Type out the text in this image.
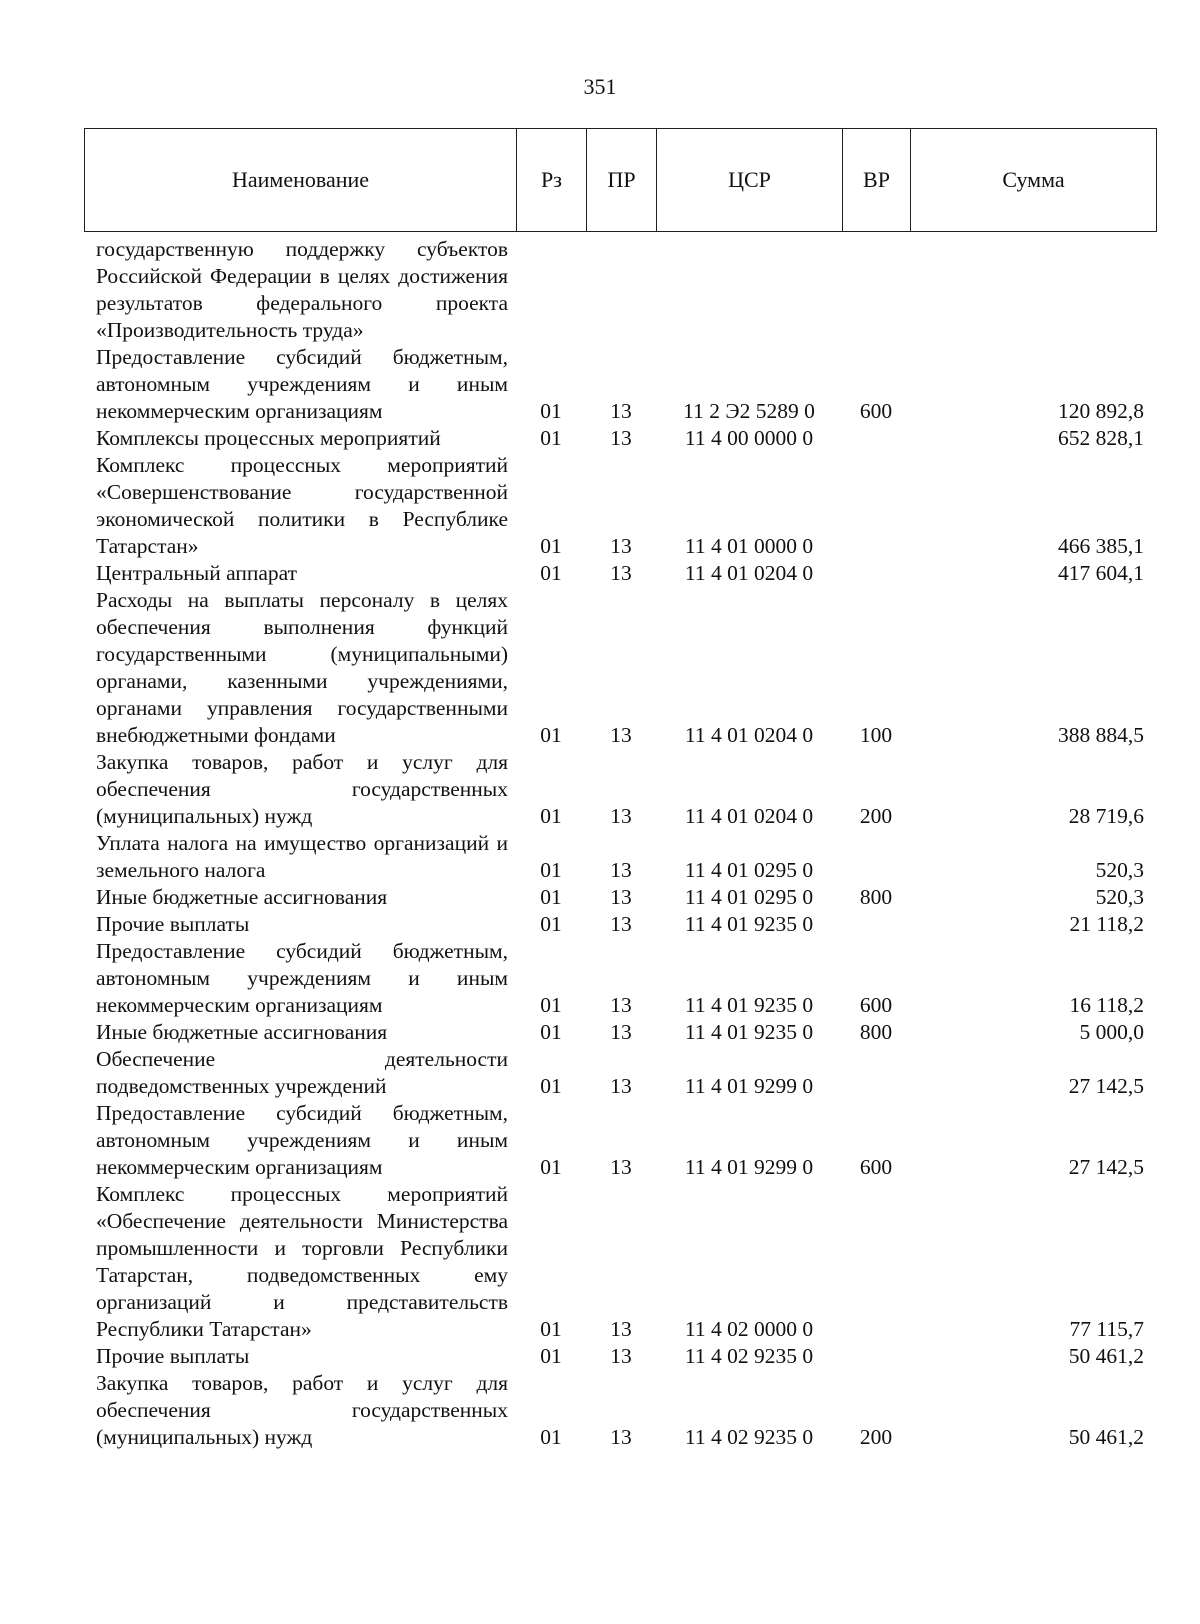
351
Наименование	Рз	ПР	ЦСР	ВР	Сумма
государственную поддержку субъектов Российской Федерации в целях достижения результатов федерального проекта «Производительность труда»					
Предоставление субсидий бюджетным, автономным учреждениям и иным некоммерческим организациям	01	13	11 2 Э2 5289 0	600	120 892,8
Комплексы процессных мероприятий	01	13	11 4 00 0000 0		652 828,1
Комплекс процессных мероприятий «Совершенствование государственной экономической политики в Республике Татарстан»	01	13	11 4 01 0000 0		466 385,1
Центральный аппарат	01	13	11 4 01 0204 0		417 604,1
Расходы на выплаты персоналу в целях обеспечения выполнения функций государственными (муниципальными) органами, казенными учреждениями, органами управления государственными внебюджетными фондами	01	13	11 4 01 0204 0	100	388 884,5
Закупка товаров, работ и услуг для обеспечения государственных (муниципальных) нужд	01	13	11 4 01 0204 0	200	28 719,6
Уплата налога на имущество организаций и земельного налога	01	13	11 4 01 0295 0		520,3
Иные бюджетные ассигнования	01	13	11 4 01 0295 0	800	520,3
Прочие выплаты	01	13	11 4 01 9235 0		21 118,2
Предоставление субсидий бюджетным, автономным учреждениям и иным некоммерческим организациям	01	13	11 4 01 9235 0	600	16 118,2
Иные бюджетные ассигнования	01	13	11 4 01 9235 0	800	5 000,0
Обеспечение деятельности подведомственных учреждений	01	13	11 4 01 9299 0		27 142,5
Предоставление субсидий бюджетным, автономным учреждениям и иным некоммерческим организациям	01	13	11 4 01 9299 0	600	27 142,5
Комплекс процессных мероприятий «Обеспечение деятельности Министерства промышленности и торговли Республики Татарстан, подведомственных ему организаций и представительств Республики Татарстан»	01	13	11 4 02 0000 0		77 115,7
Прочие выплаты	01	13	11 4 02 9235 0		50 461,2
Закупка товаров, работ и услуг для обеспечения государственных (муниципальных) нужд	01	13	11 4 02 9235 0	200	50 461,2
